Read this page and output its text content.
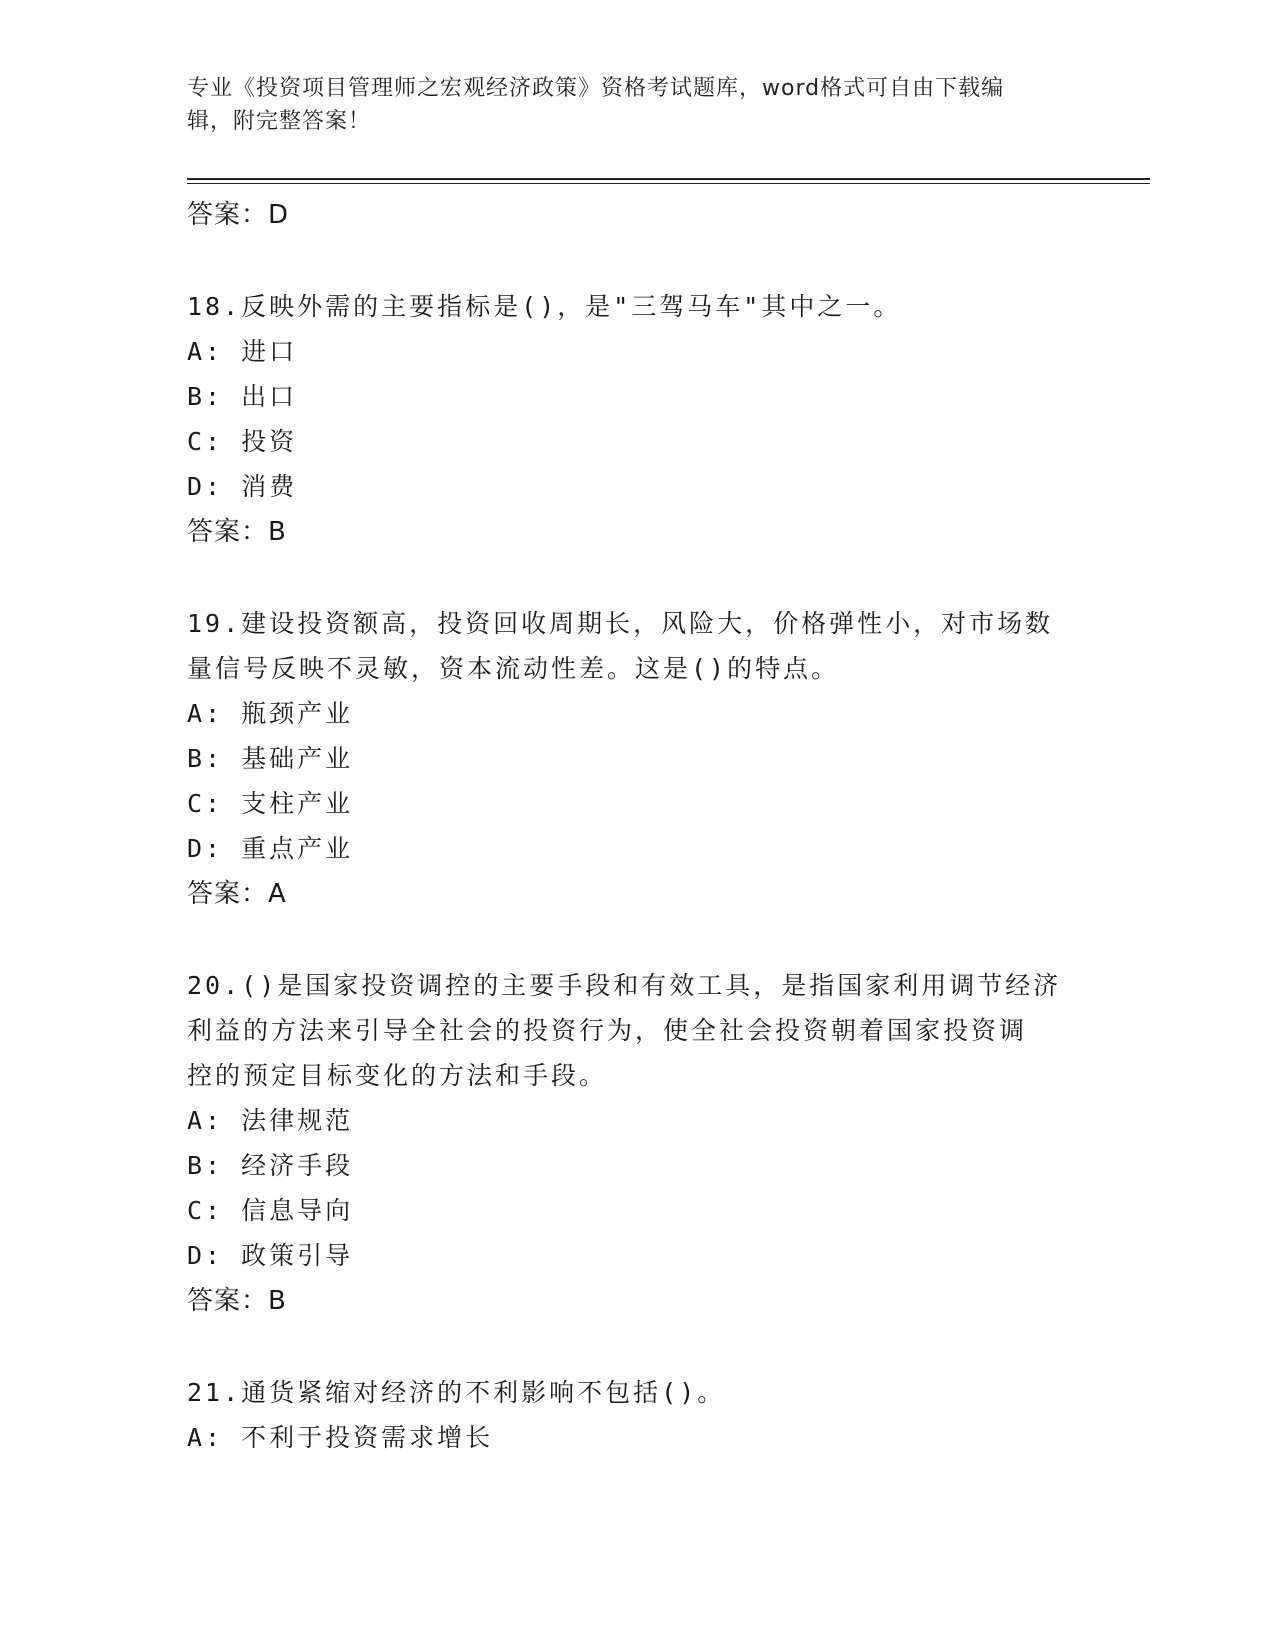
专业《投资项目管理师之宏观经济政策》资格考试题库，word格式可自由下载编
辑，附完整答案！
答案：D
18.反映外需的主要指标是()，是"三驾马车"其中之一。
A: 进口
B: 出口
C: 投资
D: 消费
答案：B
19.建设投资额高，投资回收周期长，风险大，价格弹性小，对市场数
量信号反映不灵敏，资本流动性差。这是()的特点。
A: 瓶颈产业
B: 基础产业
C: 支柱产业
D: 重点产业
答案：A
20.()是国家投资调控的主要手段和有效工具，是指国家利用调节经济
利益的方法来引导全社会的投资行为，使全社会投资朝着国家投资调
控的预定目标变化的方法和手段。
A: 法律规范
B: 经济手段
C: 信息导向
D: 政策引导
答案：B
21.通货紧缩对经济的不利影响不包括()。
A: 不利于投资需求增长
